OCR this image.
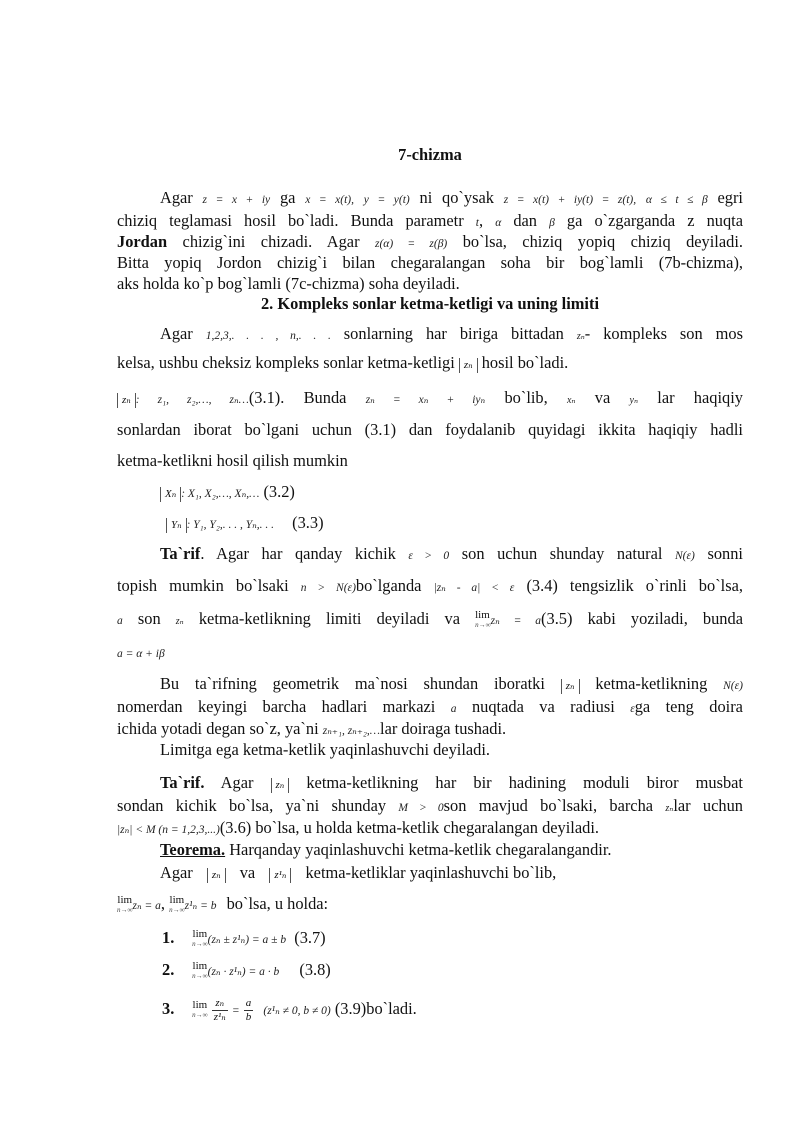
7-chizma
Agar z = x + iy ga x = x(t), y = y(t) ni qo`ysak z = x(t) + iy(t) = z(t), α ≤ t ≤ β egri
chiziq teglamasi hosil bo`ladi. Bunda parametr t, α dan β ga o`zgarganda z nuqta
Jordan chizig`ini chizadi. Agar z(α) = z(β) bo`lsa, chiziq yopiq chiziq deyiladi.
Bitta yopiq Jordon chizig`i bilan chegaralangan soha bir bog`lamli (7b-chizma),
aks holda ko`p bog`lamli (7c-chizma) soha deyiladi.
2. Kompleks sonlar ketma-ketligi va uning limiti
Agar 1,2,3,. . . , n,. . . sonlarning har biriga bittadan zₙ- kompleks son mos
kelsa, ushbu cheksiz kompleks sonlar ketma-ketligi zₙ hosil bo`ladi.
zₙ : z₁, z₂,…, zₙ…(3.1). Bunda zₙ = xₙ + iyₙ bo`lib, xₙ va yₙ lar haqiqiy
sonlardan iborat bo`lgani uchun (3.1) dan foydalanib quyidagi ikkita haqiqiy hadli
ketma-ketlikni hosil qilish mumkin
Xₙ : X₁, X₂,…, Xₙ,… (3.2)
Yₙ : Y₁, Y₂,. . . , Yₙ,. . . (3.3)
Ta`rif. Agar har qanday kichik ε > 0 son uchun shunday natural N(ε) sonni
topish mumkin bo`lsaki n > N(ε)bo`lganda |zₙ - a| < ε (3.4) tengsizlik o`rinli bo`lsa,
a son zₙ ketma-ketlikning limiti deyiladi va lim
n→∞ zₙ = a(3.5) kabi yoziladi, bunda
a = α + iβ
Bu ta`rifning geometrik ma`nosi shundan iboratki zₙ ketma-ketlikning N(ε)
nomerdan keyingi barcha hadlari markazi a nuqtada va radiusi εga teng doira
ichida yotadi degan so`z, ya`ni zₙ₊₁, zₙ₊₂,…lar doiraga tushadi.
Limitga ega ketma-ketlik yaqinlashuvchi deyiladi.
Ta`rif. Agar zₙ ketma-ketlikning har bir hadining moduli biror musbat
sondan kichik bo`lsa, ya`ni shunday M > 0son mavjud bo`lsaki, barcha zₙlar uchun
|zₙ| < M (n = 1,2,3,...)(3.6) bo`lsa, u holda ketma-ketlik chegaralangan deyiladi.
Teorema. Harqanday yaqinlashuvchi ketma-ketlik chegaralangandir.
Agar zₙ va z¹ₙ ketma-ketliklar yaqinlashuvchi bo`lib,
lim
n→∞ zₙ = a, lim
n→∞ z¹ₙ = b bo`lsa, u holda:
1. lim
n→∞ (zₙ ± z¹ₙ) = a ± b (3.7)
2. lim
n→∞ (zₙ · z¹ₙ) = a · b (3.8)
3. lim
n→∞
$\frac{\text{zₙ}}{\text{z¹ₙ}} = \frac{a}{b} (z^1_n \ne 0$, b ≠ 0) (3.9)bo`ladi.
